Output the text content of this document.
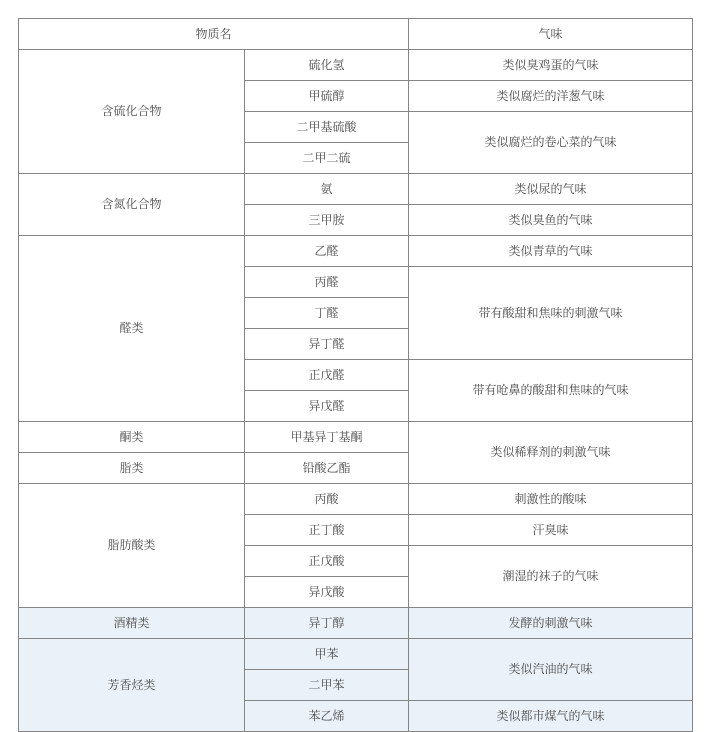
物质名		气味
含硫化合物	硫化氢	类似臭鸡蛋的气味
	甲硫醇	类似腐烂的洋葱气味
	二甲基硫酸	类似腐烂的卷心菜的气味
	二甲二硫	
含氮化合物	氨	类似尿的气味
	三甲胺	类似臭鱼的气味
醛类	乙醛	类似青草的气味
	丙醛	带有酸甜和焦味的刺激气味
	丁醛	
	异丁醛	
	正戊醛	带有呛鼻的酸甜和焦味的气味
	异戊醛	
酮类	甲基异丁基酮	类似稀释剂的刺激气味
脂类	铅酸乙酯	
脂肪酸类	丙酸	刺激性的酸味
	正丁酸	汗臭味
	正戊酸	潮湿的袜子的气味
	异戊酸	
酒精类	异丁醇	发酵的刺激气味
芳香烃类	甲苯	类似汽油的气味
	二甲苯	
	苯乙烯	类似都市煤气的气味
